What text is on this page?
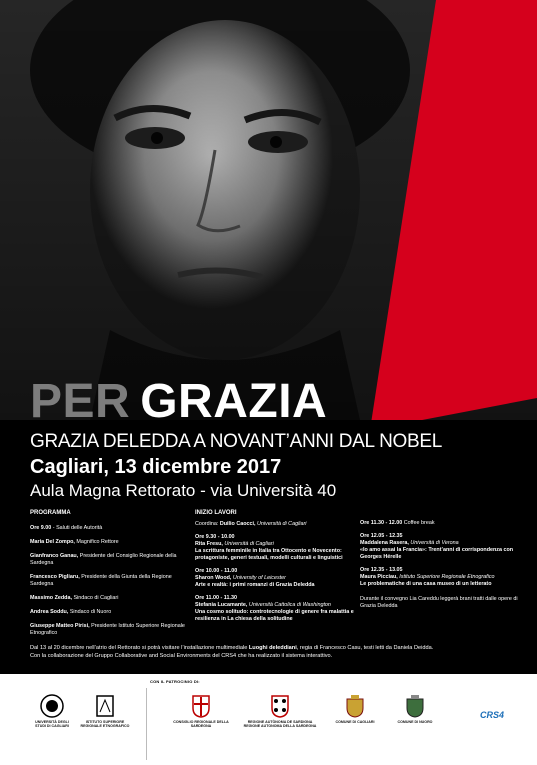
PER GRAZIA
GRAZIA DELEDDA A NOVANT’ANNI DAL NOBEL
Cagliari, 13 dicembre 2017
Aula Magna Rettorato - via Università 40
PROGRAMMA
Ore 9.00 - Saluti delle Autorità
Maria Del Zompo, Magnifico Rettore
Gianfranco Ganau, Presidente del Consiglio Regionale della Sardegna
Francesco Pigliaru, Presidente della Giunta della Regione Sardegna
Massimo Zedda, Sindaco di Cagliari
Andrea Soddu, Sindaco di Nuoro
Giuseppe Matteo Pirisi, Presidente Istituto Superiore Regionale Etnografico
INIZIO LAVORI
Coordina: Duilio Caocci, Università di Cagliari
Ore 9.30 - 10.00
Rita Fresu, Università di Cagliari
La scrittura femminile in Italia tra Ottocento e Novecento: protagoniste, generi testuali, modelli culturali e linguistici
Ore 10.00 - 11.00
Sharon Wood, University of Leicester
Arte e realtà: i primi romanzi di Grazia Deledda
Ore 11.00 - 11.30
Stefania Lucamante, Università Cattolica di Washington
Una cosmo solitudo: controtecnologie di genere fra malattia e resilienza in La chiesa della solitudine
Ore 11.30 - 12.00 Coffee break
Ore 12.05 - 12.35
Maddalena Rasera, Università di Verona
«Io amo assai la Francia»: Trent’anni di corrispondenza con Georges Hérelle
Ore 12.35 - 13.05
Maura Picciau, Istituto Superiore Regionale Etnografico
Le problematiche di una casa museo di un letterato
Durante il convegno Lia Careddu leggerà brani tratti dalle opere di Grazia Deledda
Dal 13 al 20 dicembre nell’atrio del Rettorato si potrà visitare l’installazione multimediale Luoghi deleddiani, regia di Francesco Casu, testi letti da Daniela Deidda.
Con la collaborazione del Gruppo Collaborative and Social Environments del CRS4 che ha realizzato il sistema interattivo.
CON IL PATROCINIO DI:
UNIVERSITÀ DEGLI STUDI DI CAGLIARI
ISTITUTO SUPERIORE REGIONALE ETNOGRAFICO
CONSIGLIO REGIONALE DELLA SARDEGNA
REGIONE AUTÒNOMA DE SARDIGNA REGIONE AUTONOMA DELLA SARDEGNA
COMUNE DI CAGLIARI	COMUNE DI NUORO
CRS4
